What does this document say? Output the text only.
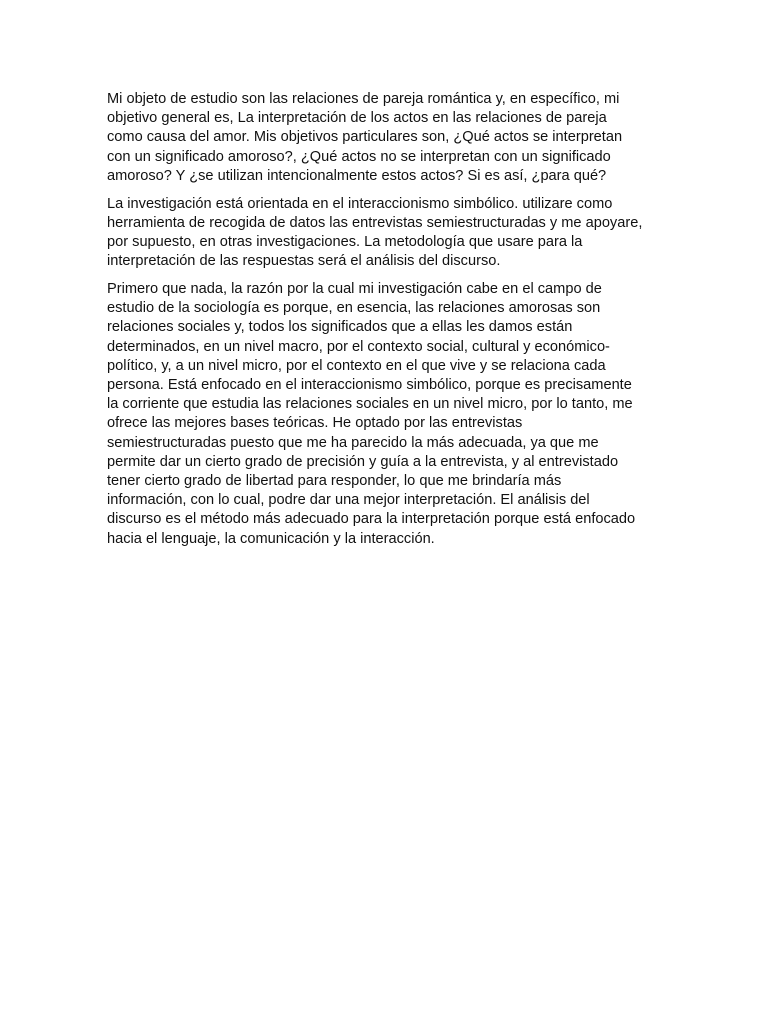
Mi objeto de estudio son las relaciones de pareja romántica y, en específico, mi
objetivo general es, La interpretación de los actos en las relaciones de pareja
como causa del amor. Mis objetivos particulares son, ¿Qué actos se interpretan
con un significado amoroso?, ¿Qué actos no se interpretan con un significado
amoroso? Y ¿se utilizan intencionalmente estos actos? Si es así, ¿para qué?

La investigación está orientada en el interaccionismo simbólico. utilizare como
herramienta de recogida de datos las entrevistas semiestructuradas y me apoyare,
por supuesto, en otras investigaciones. La metodología que usare para la
interpretación de las respuestas será el análisis del discurso.

Primero que nada, la razón por la cual mi investigación cabe en el campo de
estudio de la sociología es porque, en esencia, las relaciones amorosas son
relaciones sociales y, todos los significados que a ellas les damos están
determinados, en un nivel macro, por el contexto social, cultural y económico-
político, y, a un nivel micro, por el contexto en el que vive y se relaciona cada
persona. Está enfocado en el interaccionismo simbólico, porque es precisamente
la corriente que estudia las relaciones sociales en un nivel micro, por lo tanto, me
ofrece las mejores bases teóricas. He optado por las entrevistas
semiestructuradas puesto que me ha parecido la más adecuada, ya que me
permite dar un cierto grado de precisión y guía a la entrevista, y al entrevistado
tener cierto grado de libertad para responder, lo que me brindaría más
información, con lo cual, podre dar una mejor interpretación. El análisis del
discurso es el método más adecuado para la interpretación porque está enfocado
hacia el lenguaje, la comunicación y la interacción.
